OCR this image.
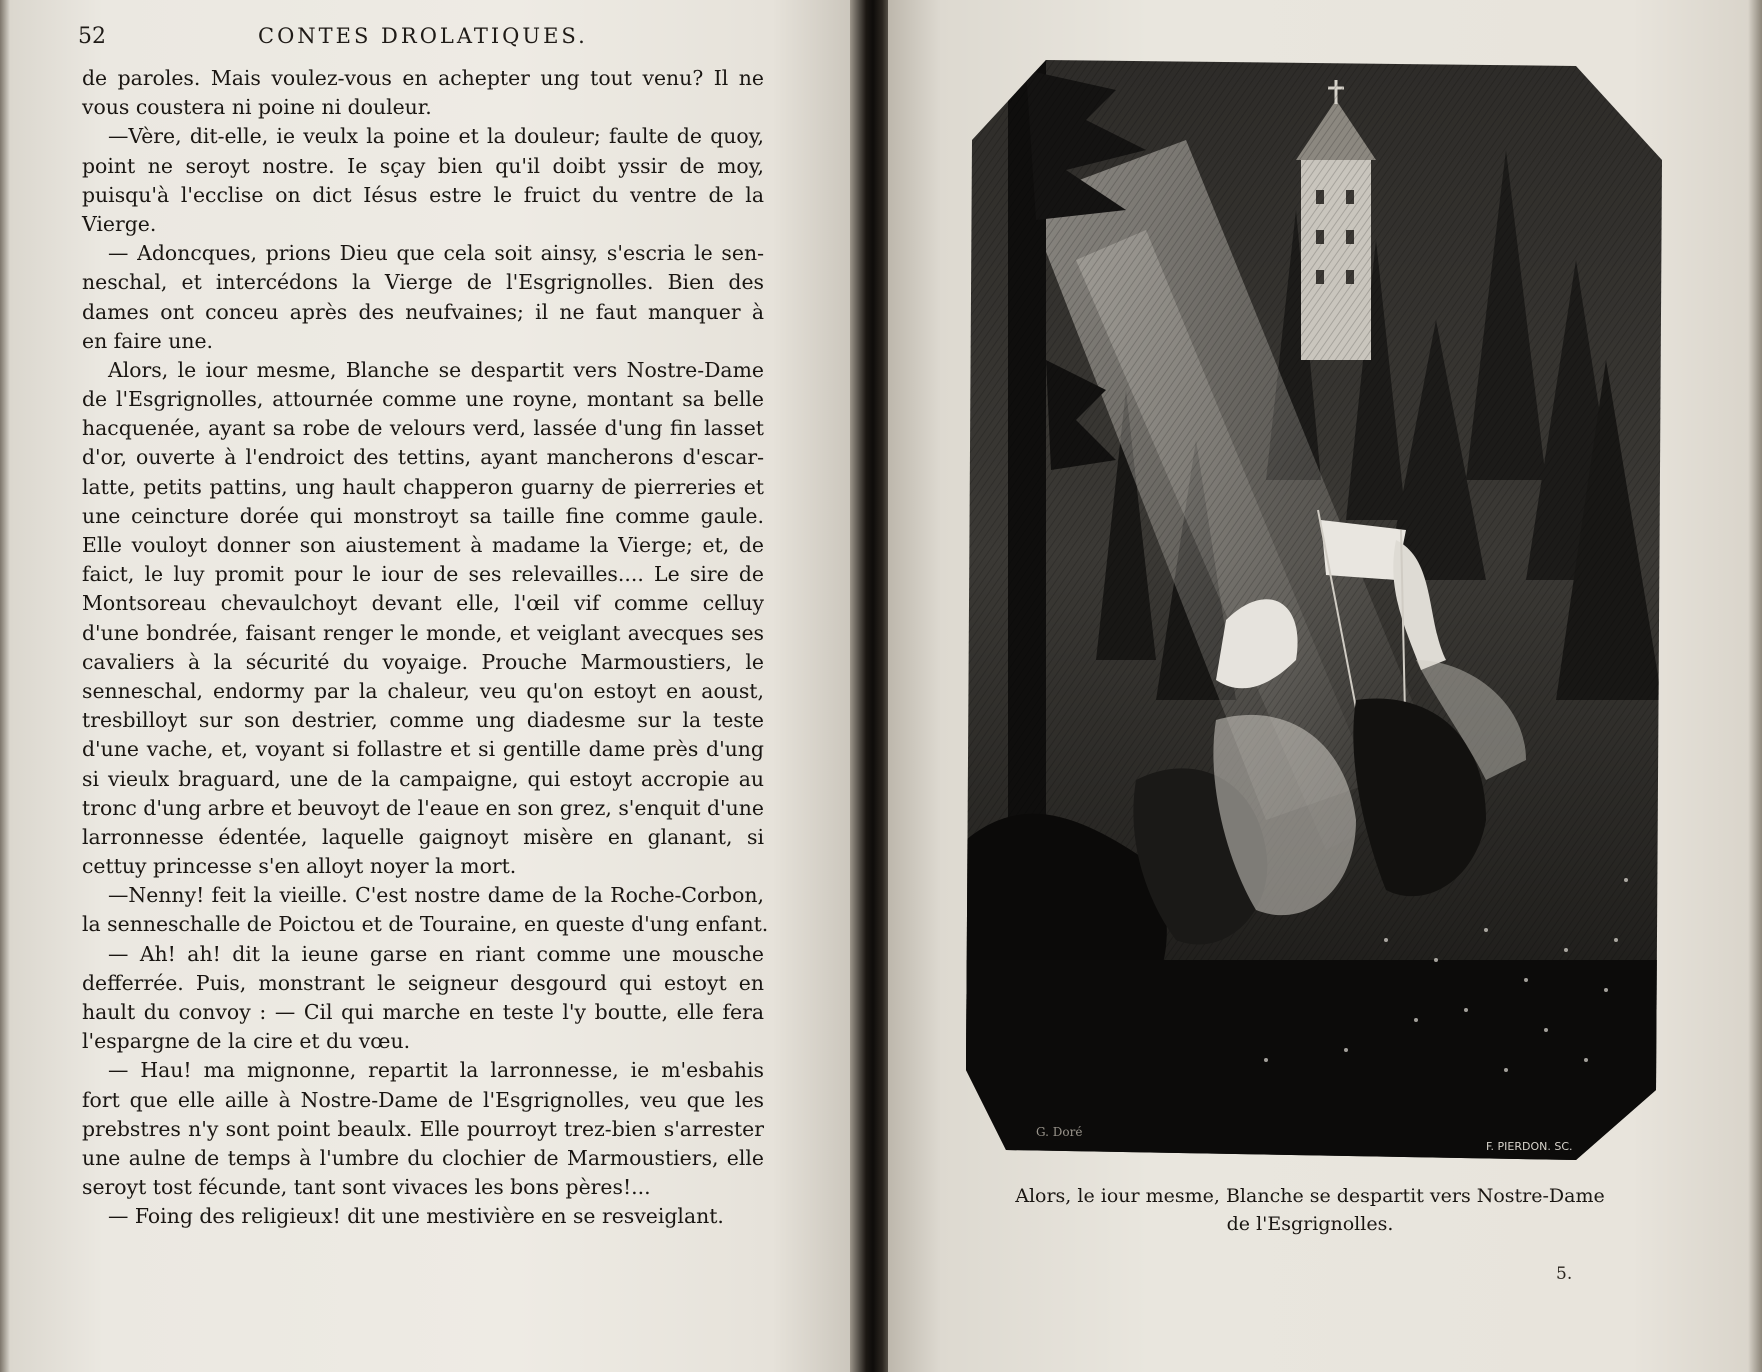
52	CONTES DROLATIQUES.
de paroles. Mais voulez-vous en achepter ung tout venu? Il ne
vous coustera ni poine ni douleur.
—Vère, dit-elle, ie veulx la poine et la douleur; faulte de quoy,
point ne seroyt nostre. Ie sçay bien qu'il doibt yssir de moy,
puisqu'à l'ecclise on dict Iésus estre le fruict du ventre de la
Vierge.
— Adoncques, prions Dieu que cela soit ainsy, s'escria le sen-
neschal, et intercédons la Vierge de l'Esgrignolles. Bien des
dames ont conceu après des neufvaines; il ne faut manquer à
en faire une.
Alors, le iour mesme, Blanche se despartit vers Nostre-Dame
de l'Esgrignolles, attournée comme une royne, montant sa belle
hacquenée, ayant sa robe de velours verd, lassée d'ung fin lasset
d'or, ouverte à l'endroict des tettins, ayant mancherons d'escar-
latte, petits pattins, ung hault chapperon guarny de pierreries et
une ceincture dorée qui monstroyt sa taille fine comme gaule.
Elle vouloyt donner son aiustement à madame la Vierge; et, de
faict, le luy promit pour le iour de ses relevailles.... Le sire de
Montsoreau chevaulchoyt devant elle, l'œil vif comme celluy
d'une bondrée, faisant renger le monde, et veiglant avecques ses
cavaliers à la sécurité du voyaige. Prouche Marmoustiers, le
senneschal, endormy par la chaleur, veu qu'on estoyt en aoust,
tresbilloyt sur son destrier, comme ung diadesme sur la teste
d'une vache, et, voyant si follastre et si gentille dame près d'ung
si vieulx braguard, une de la campaigne, qui estoyt accropie au
tronc d'ung arbre et beuvoyt de l'eaue en son grez, s'enquit d'une
larronnesse édentée, laquelle gaignoyt misère en glanant, si
cettuy princesse s'en alloyt noyer la mort.
—Nenny! feit la vieille. C'est nostre dame de la Roche-Corbon,
la senneschalle de Poictou et de Touraine, en queste d'ung enfant.
— Ah! ah! dit la ieune garse en riant comme une mousche
defferrée. Puis, monstrant le seigneur desgourd qui estoyt en
hault du convoy : — Cil qui marche en teste l'y boutte, elle fera
l'espargne de la cire et du vœu.
— Hau! ma mignonne, repartit la larronnesse, ie m'esbahis
fort que elle aille à Nostre-Dame de l'Esgrignolles, veu que les
prebstres n'y sont point beaulx. Elle pourroyt trez-bien s'arrester
une aulne de temps à l'umbre du clochier de Marmoustiers, elle
seroyt tost fécunde, tant sont vivaces les bons pères!...
— Foing des religieux! dit une mestivière en se resveiglant.
G. Doré
F. PIERDON. SC.
Alors, le iour mesme, Blanche se despartit vers Nostre-Dame
de l'Esgrignolles.
5.
